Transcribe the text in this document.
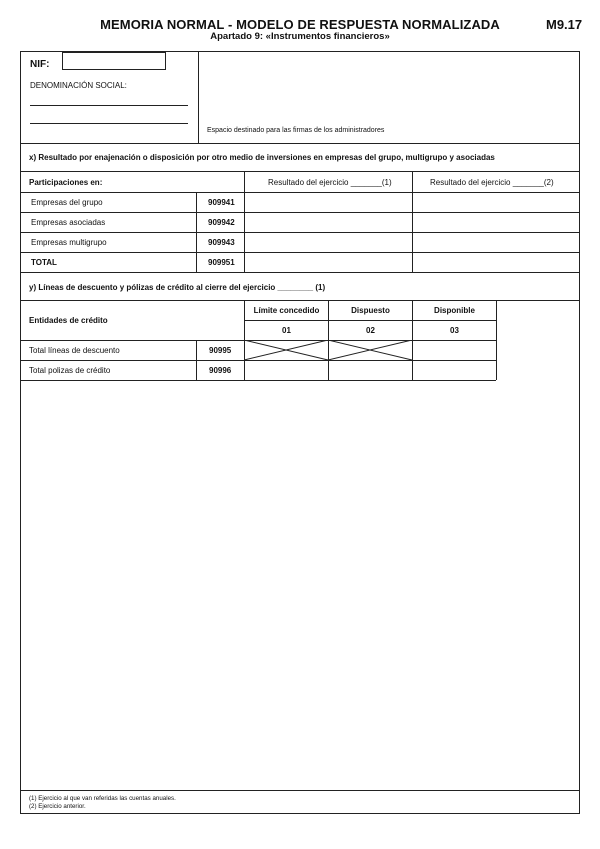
MEMORIA NORMAL - MODELO DE RESPUESTA NORMALIZADA
Apartado 9: «Instrumentos financieros»
M9.17
NIF:
DENOMINACIÓN SOCIAL:
Espacio destinado para las firmas de los administradores
x) Resultado por enajenación o disposición por otro medio de inversiones en empresas del grupo, multigrupo y asociadas
Participaciones en:	Resultado del ejercicio _______(1)	Resultado del ejercicio _______(2)
Empresas del grupo	909941
Empresas asociadas	909942
Empresas multigrupo	909943
TOTAL	909951
y) Líneas de descuento y pólizas de crédito al cierre del ejercicio ________ (1)
Entidades de crédito
Límite concedido	Dispuesto	Disponible
01	02	03
Total líneas de descuento	90995
Total polizas de crédito	90996
(1) Ejercicio al que van referidas las cuentas anuales.
(2) Ejercicio anterior.
